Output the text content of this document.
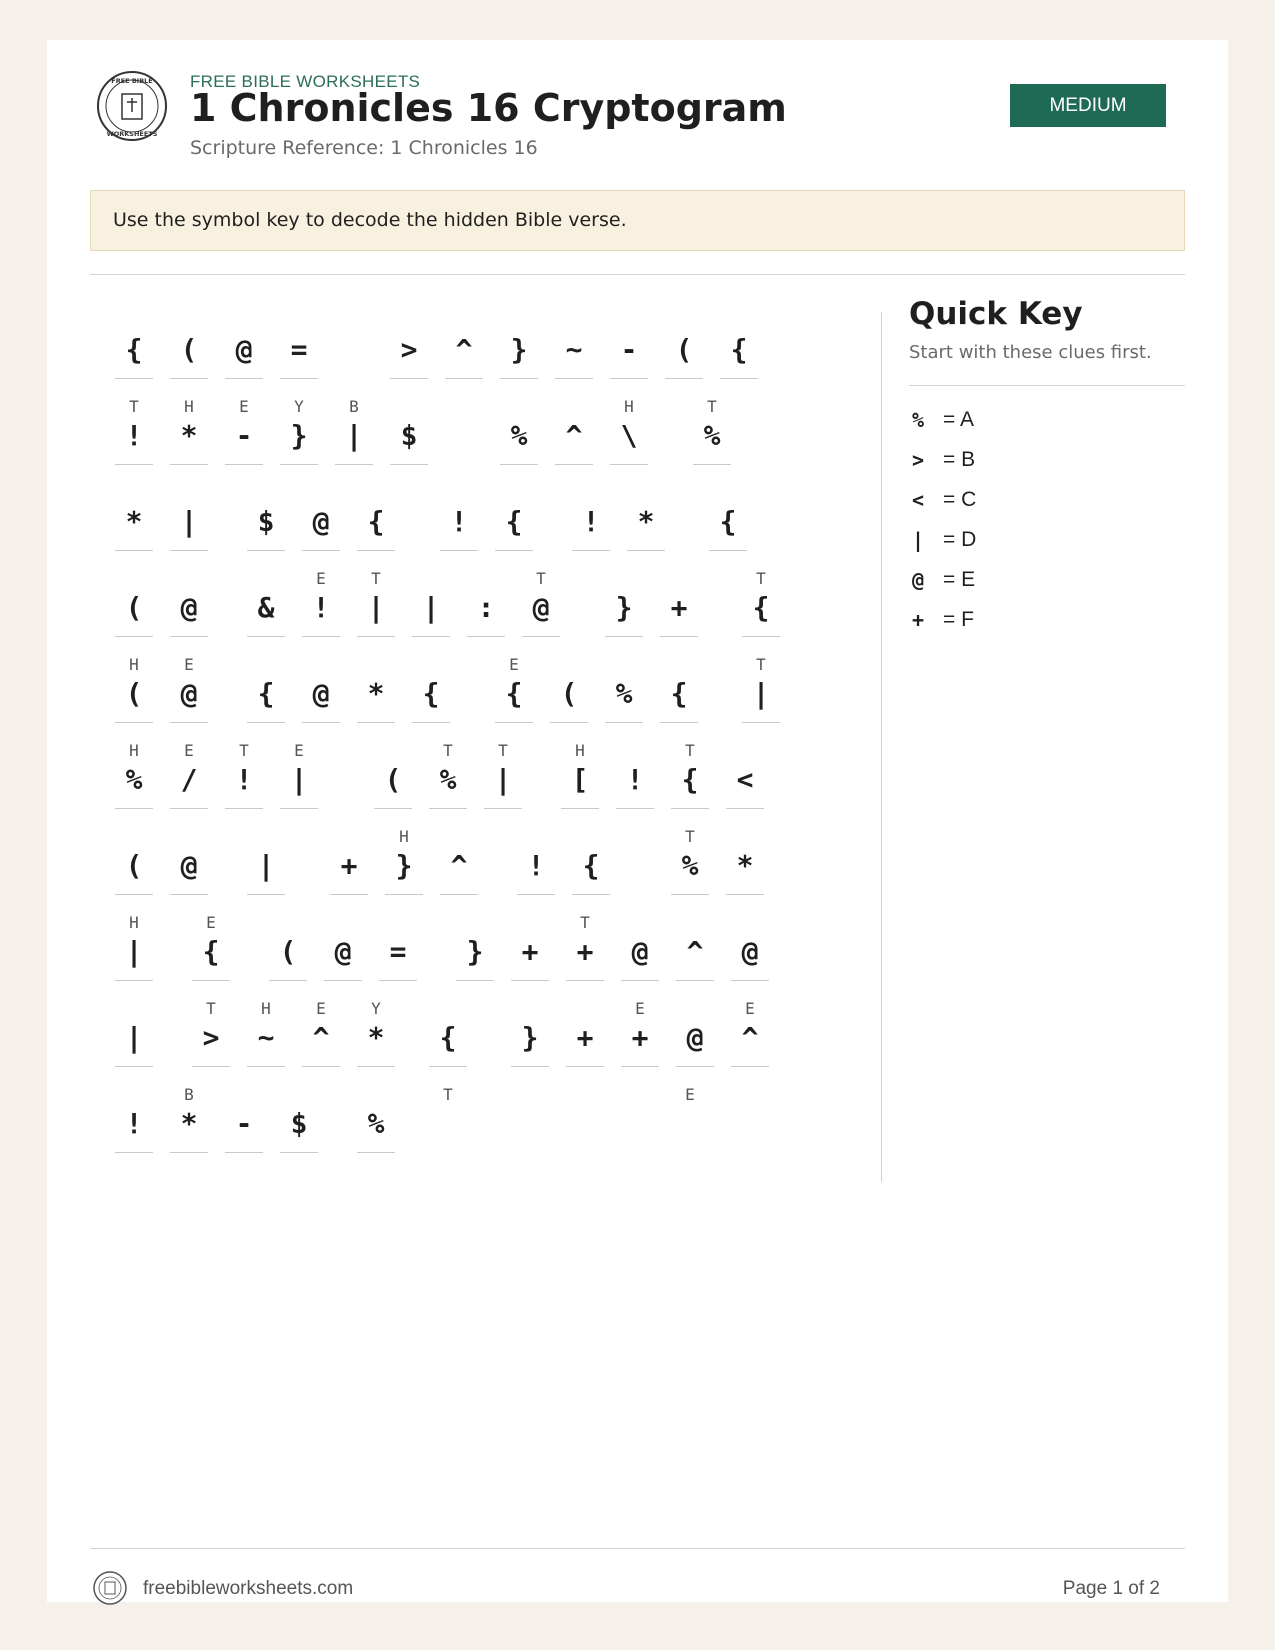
FREE BIBLE
WORKSHEETS
FREE BIBLE WORKSHEETS
1 Chronicles 16 Cryptogram
Scripture Reference: 1 Chronicles 16
MEDIUM
Use the symbol key to decode the hidden Bible verse.
{	(	@	=	>	^	}	~	-	(	{
T
!
H
*
E
-
Y
}
B
|	$	%	^
H
\
T
%
*	|	$	@	{	!	{	!	*	{
(	@	&
E
!
T
|	|	:
T
@	}	+
T
{
H
(
E
@	{	@	*	{
E
{	(	%	{
T
|
H
%
E
/
T
!
E
|	(
T
%
T
|
H
[	!
T
{	<
(	@	|	+
H
}	^	!	{
T
%	*
H
|
E
{	(	@	=	}	+
T
+	@	^	@
|
T
>
H
~
E
^
Y
*	{	}	+
E
+	@
E
^
!
B
*	-	$	%
T	E
Quick Key
Start with these clues first.
% = A
> = B
< = C
| = D
@ = E
+ = F
freebibleworksheets.com	Page 1 of 2
